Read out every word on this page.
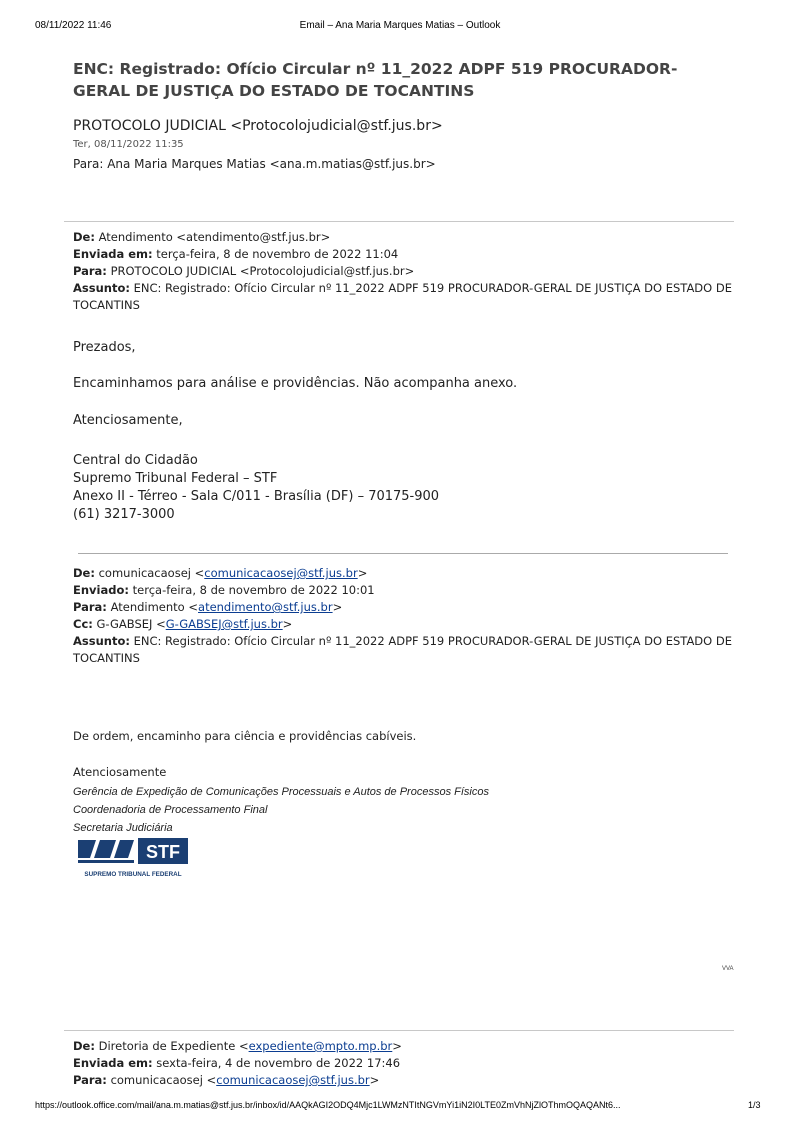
08/11/2022 11:46	Email – Ana Maria Marques Matias – Outlook
ENC: Registrado: Ofício Circular nº 11_2022 ADPF 519 PROCURADOR-GERAL DE JUSTIÇA DO ESTADO DE TOCANTINS
PROTOCOLO JUDICIAL <Protocolojudicial@stf.jus.br>
Ter, 08/11/2022 11:35
Para: Ana Maria Marques Matias <ana.m.matias@stf.jus.br>
De: Atendimento <atendimento@stf.jus.br>
Enviada em: terça-feira, 8 de novembro de 2022 11:04
Para: PROTOCOLO JUDICIAL <Protocolojudicial@stf.jus.br>
Assunto: ENC: Registrado: Ofício Circular nº 11_2022 ADPF 519 PROCURADOR-GERAL DE JUSTIÇA DO ESTADO DE TOCANTINS
Prezados,
Encaminhamos para análise e providências. Não acompanha anexo.
Atenciosamente,
Central do Cidadão
Supremo Tribunal Federal – STF
Anexo II - Térreo - Sala C/011 - Brasília (DF) – 70175-900
(61) 3217-3000
De: comunicacaosej <comunicacaosej@stf.jus.br>
Enviado: terça-feira, 8 de novembro de 2022 10:01
Para: Atendimento <atendimento@stf.jus.br>
Cc: G-GABSEJ <G-GABSEJ@stf.jus.br>
Assunto: ENC: Registrado: Ofício Circular nº 11_2022 ADPF 519 PROCURADOR-GERAL DE JUSTIÇA DO ESTADO DE TOCANTINS
De ordem, encaminho para ciência e providências cabíveis.
Atenciosamente
Gerência de Expedição de Comunicações Processuais e Autos de Processos Físicos
Coordenadoria de Processamento Final
Secretaria Judiciária
STF
SUPREMO TRIBUNAL FEDERAL
VVA
De: Diretoria de Expediente <expediente@mpto.mp.br>
Enviada em: sexta-feira, 4 de novembro de 2022 17:46
Para: comunicacaosej <comunicacaosej@stf.jus.br>
https://outlook.office.com/mail/ana.m.matias@stf.jus.br/inbox/id/AAQkAGI2ODQ4Mjc1LWMzNTItNGVmYi1iN2I0LTE0ZmVhNjZlOThmOQAQANt6...	1/3
